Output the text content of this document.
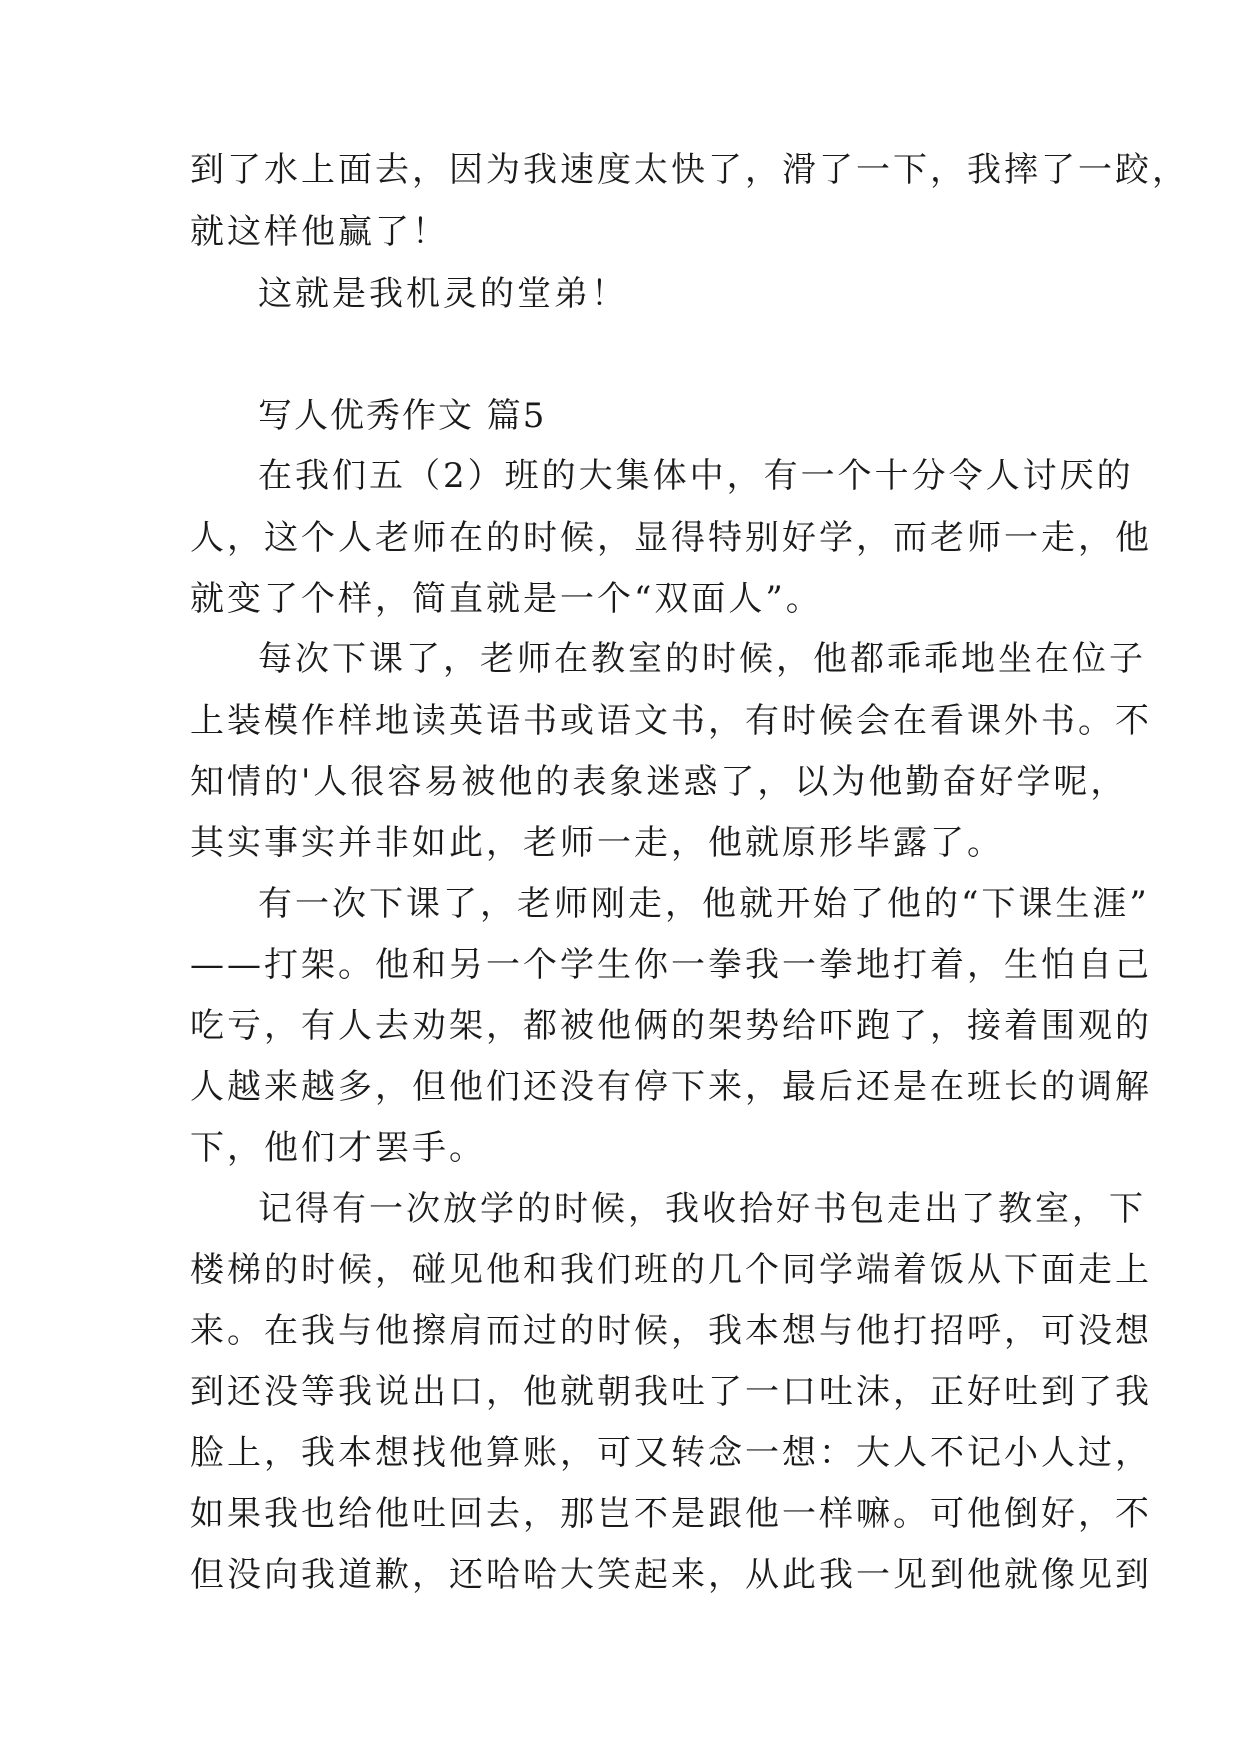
到了水上面去，因为我速度太快了，滑了一下，我摔了一跤，
就这样他赢了！
这就是我机灵的堂弟！
写人优秀作文 篇5
在我们五（2）班的大集体中，有一个十分令人讨厌的
人，这个人老师在的时候，显得特别好学，而老师一走，他
就变了个样，简直就是一个“双面人”。
每次下课了，老师在教室的时候，他都乖乖地坐在位子
上装模作样地读英语书或语文书，有时候会在看课外书。不
知情的'人很容易被他的表象迷惑了，以为他勤奋好学呢，
其实事实并非如此，老师一走，他就原形毕露了。
有一次下课了，老师刚走，他就开始了他的“下课生涯”
——打架。他和另一个学生你一拳我一拳地打着，生怕自己
吃亏，有人去劝架，都被他俩的架势给吓跑了，接着围观的
人越来越多，但他们还没有停下来，最后还是在班长的调解
下，他们才罢手。
记得有一次放学的时候，我收拾好书包走出了教室，下
楼梯的时候，碰见他和我们班的几个同学端着饭从下面走上
来。在我与他擦肩而过的时候，我本想与他打招呼，可没想
到还没等我说出口，他就朝我吐了一口吐沫，正好吐到了我
脸上，我本想找他算账，可又转念一想：大人不记小人过，
如果我也给他吐回去，那岂不是跟他一样嘛。可他倒好，不
但没向我道歉，还哈哈大笑起来，从此我一见到他就像见到
